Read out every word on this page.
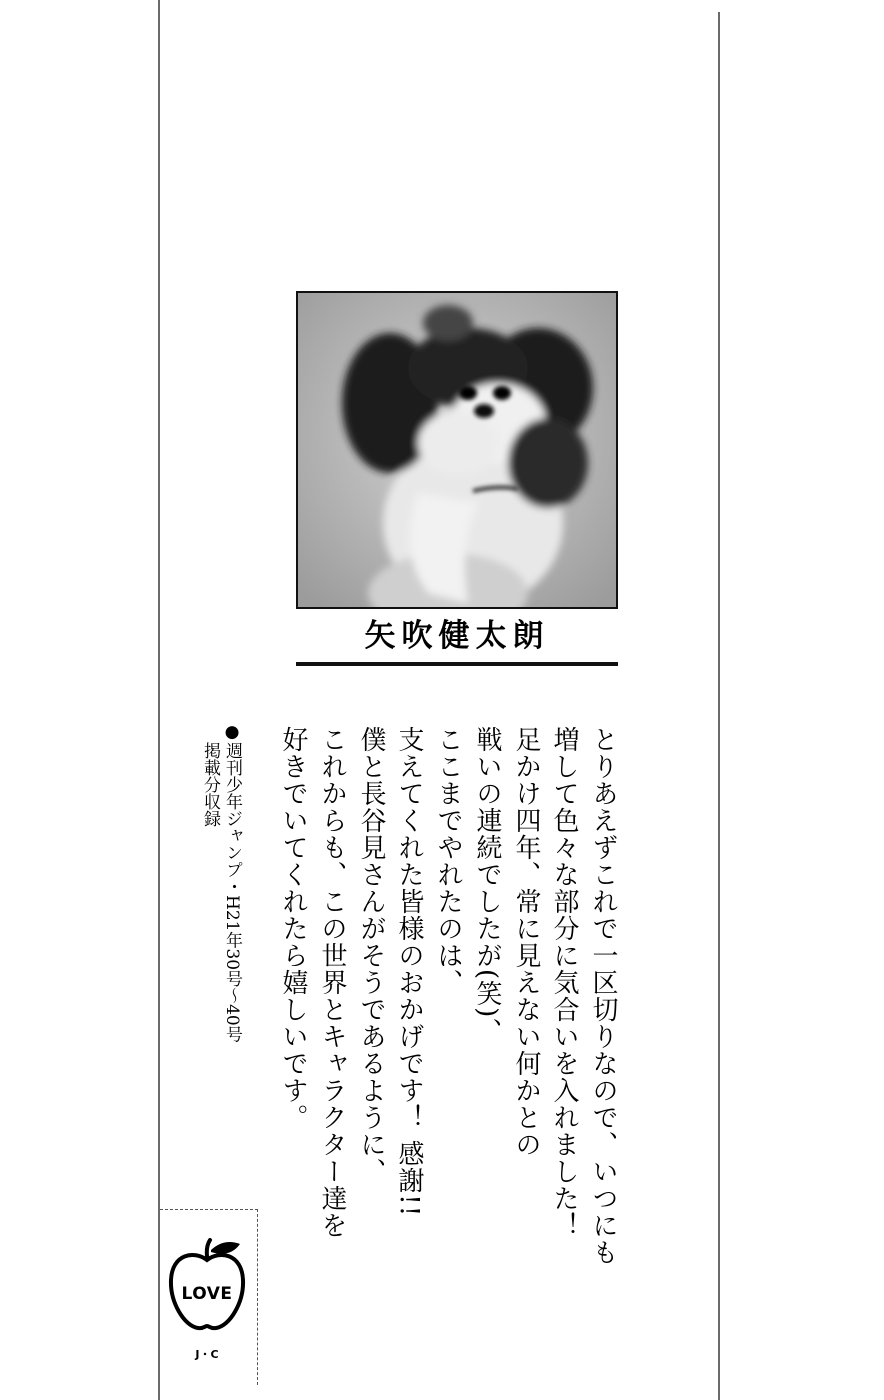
矢吹健太朗
とりあえずこれで一区切りなので、いつにも
増して色々な部分に気合いを入れました！
足かけ四年、常に見えない何かとの
戦いの連続でしたが(笑)、
ここまでやれたのは、
支えてくれた皆様のおかげです！ 感謝!!
僕と長谷見さんがそうであるように、
これからも、この世界とキャラクター達を
●週刊少年ジャンプ・H21年30号〜40号
掲載分収録
LOVE
J・C
好きでいてくれたら嬉しいです。
